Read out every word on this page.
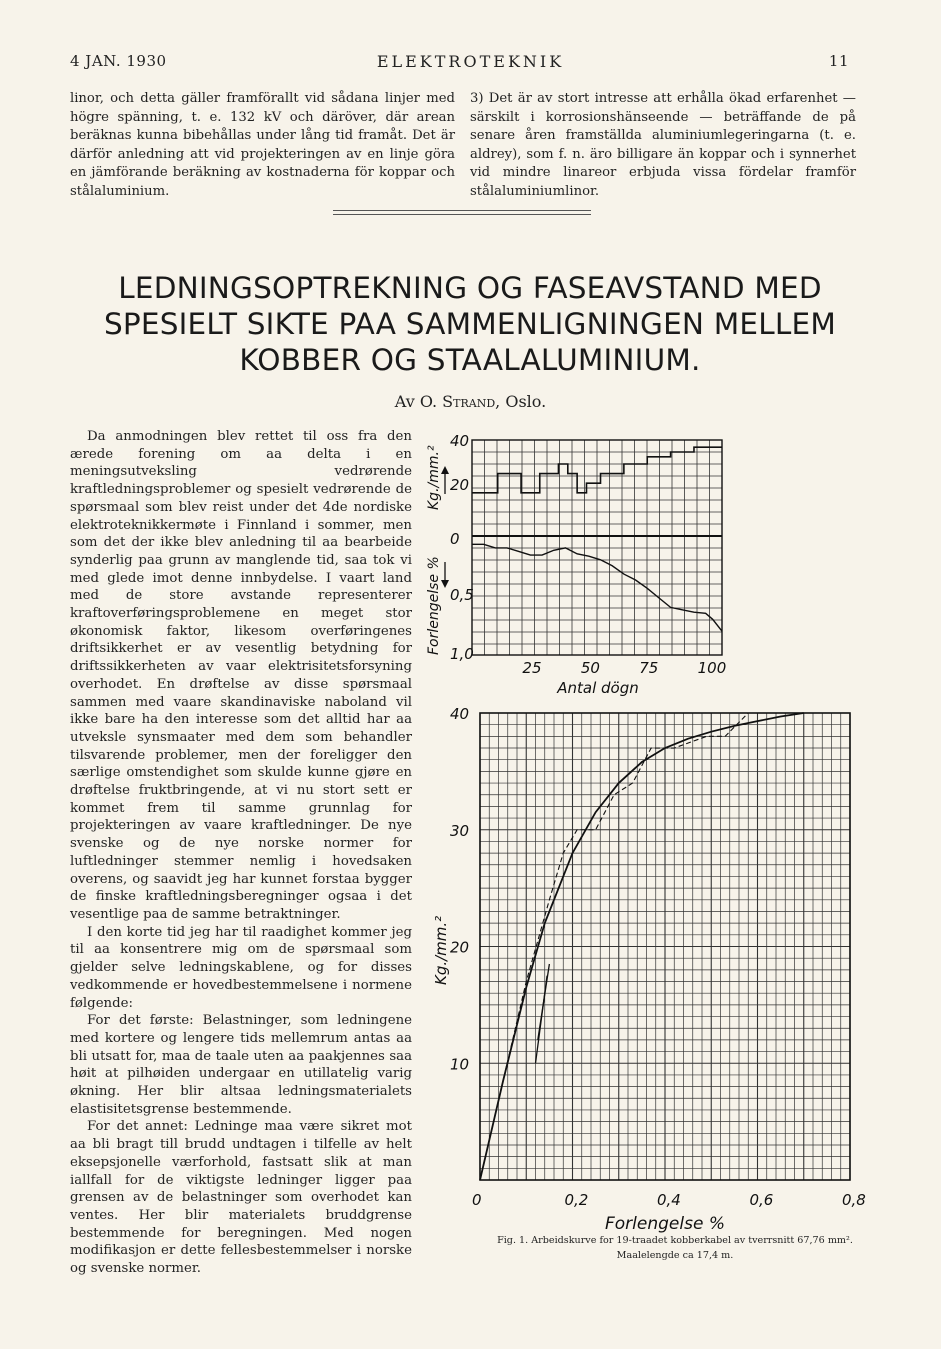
4 JAN. 1930	ELEKTROTEKNIK	11

linor, och detta gäller framförallt vid sådana linjer med högre spänning, t. e. 132 kV och däröver, där arean beräknas kunna bibehållas under lång tid framåt. Det är därför anledning att vid projekteringen av en linje göra en jämförande beräkning av kostnaderna för koppar och stålaluminium.

3) Det är av stort intresse att erhålla ökad erfarenhet — särskilt i korrosionshänseende — beträffande de på senare åren framställda aluminiumlegeringarna (t. e. aldrey), som f. n. äro billigare än koppar och i synnerhet vid mindre linareor erbjuda vissa fördelar framför stålaluminiumlinor.

LEDNINGSOPTREKNING OG FASEAVSTAND MED SPESIELT SIKTE PAA SAMMENLIGNINGEN MELLEM KOBBER OG STAALALUMINIUM.
Av O. Strand, Oslo.

Da anmodningen blev rettet til oss fra den ærede forening om aa delta i en meningsutveksling vedrørende kraftledningsproblemer og spesielt vedrørende de spørsmaal som blev reist under det 4de nordiske elektroteknikkermøte i Finnland i sommer, men som det der ikke blev anledning til aa bearbeide synderlig paa grunn av manglende tid, saa tok vi med glede imot denne innbydelse. I vaart land med de store avstande representerer kraftoverføringsproblemene en meget stor økonomisk faktor, likesom overføringenes driftsikkerhet er av vesentlig betydning for driftssikkerheten av vaar elektrisitetsforsyning overhodet. En drøftelse av disse spørsmaal sammen med vaare skandinaviske naboland vil ikke bare ha den interesse som det alltid har aa utveksle synsmaater med dem som behandler tilsvarende problemer, men der foreligger den særlige omstendighet som skulde kunne gjøre en drøftelse fruktbringende, at vi nu stort sett er kommet frem til samme grunnlag for projekteringen av vaare kraftledninger. De nye svenske og de nye norske normer for luftledninger stemmer nemlig i hovedsaken overens, og saavidt jeg har kunnet forstaa bygger de finske kraftledningsberegninger ogsaa i det vesentlige paa de samme betraktninger.

I den korte tid jeg har til raadighet kommer jeg til aa konsentrere mig om de spørsmaal som gjelder selve ledningskablene, og for disses vedkommende er hovedbestemmelsene i normene følgende:

For det første: Belastninger, som ledningene med kortere og lengere tids mellemrum antas aa bli utsatt for, maa de taale uten aa paakjennes saa høit at pilhøiden undergaar en utillatelig varig økning. Her blir altsaa ledningsmaterialets elastisitetsgrense bestemmende.

For det annet: Ledninge maa være sikret mot aa bli bragt till brudd undtagen i tilfelle av helt eksepsjonelle værforhold, fastsatt slik at man iallfall for de viktigste ledninger ligger paa grensen av de belastninger som overhodet kan ventes. Her blir materialets bruddgrense bestemmende for beregningen. Med nogen modifikasjon er dette fellesbestemmelser i norske og svenske normer.

40
20
0
0,5
1,0
25	50	75	100
Antal dögn
Kg./mm.²
Forlengelse %
0	0,2	0,4	0,6	0,8
10
20
30
40
Forlengelse %
Kg./mm.²
Fig. 1. Arbeidskurve for 19-traadet kobberkabel av tverrsnitt 67,76 mm².
Maalelengde ca 17,4 m.
